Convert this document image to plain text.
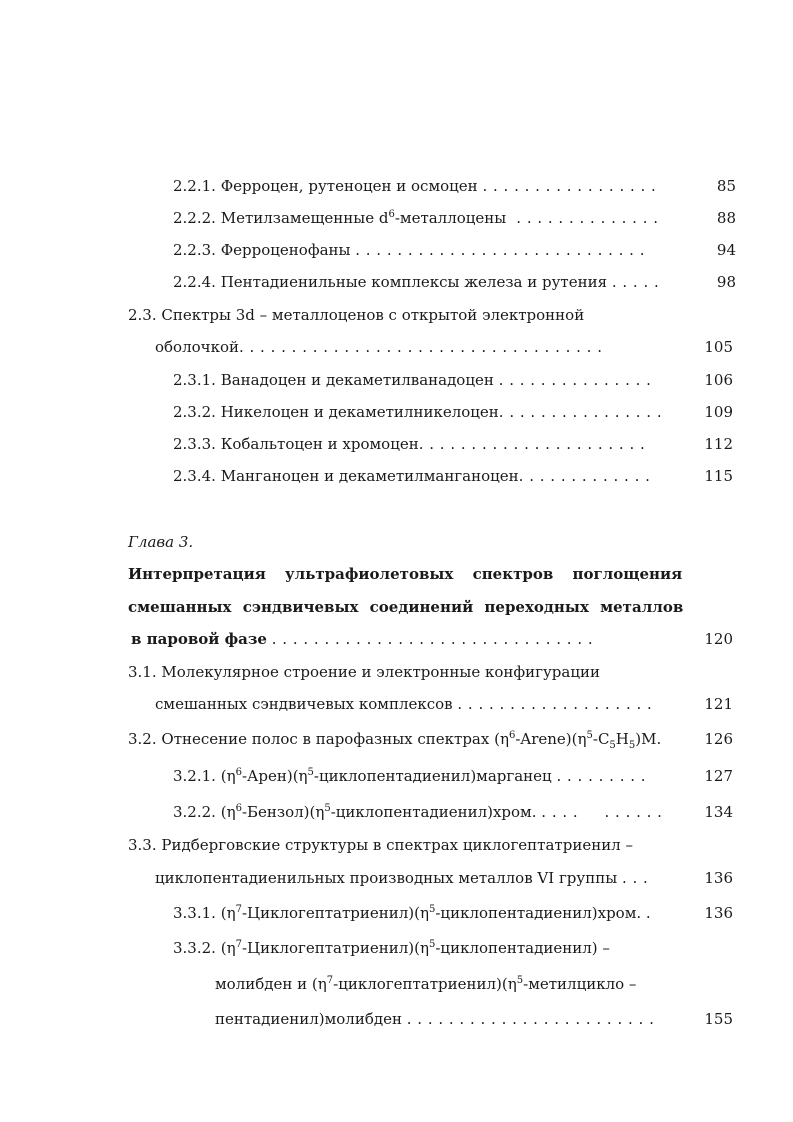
2.2.1. Ферроцен, рутеноцен и осмоцен . . . . . . . . . . . . . . . . .	85
2.2.2. Метилзамещенные $d^6$-металлоцены  . . . . . . . . . . . . . .	88
2.2.3. Ферроценофаны . . . . . . . . . . . . . . . . . . . . . . . . . . . .	94
2.2.4. Пентадиенильные комплексы железа и рутения . . . . .	98
2.3. Спектры 3d – металлоценов с открытой электронной
оболочкой. . . . . . . . . . . . . . . . . . . . . . . . . . . . . . . . . . .	105
2.3.1. Ванадоцен и декаметилванадоцен . . . . . . . . . . . . . . .	106
2.3.2. Никелоцен и декаметилникелоцен. . . . . . . . . . . . . . . .	109
2.3.3. Кобальтоцен и хромоцен. . . . . . . . . . . . . . . . . . . . . .	112
2.3.4. Манганоцен и декаметилманганоцен. . . . . . . . . . . . .	115
Глава 3.
Интерпретация ультрафиолетовых спектров поглощения
смешанных сэндвичевых соединений переходных металлов
в паровой фазе . . . . . . . . . . . . . . . . . . . . . . . . . . . . . . .	120
3.1. Молекулярное строение и электронные конфигурации
смешанных сэндвичевых комплексов . . . . . . . . . . . . . . . . . . .	121
3.2. Отнесение полос в парофазных спектрах $(\eta^6-Arene)(\eta^5-C_5H_5)M$.	126
3.2.1. $(\eta^6-Арен)(\eta^5-циклопентадиенил)марганец$ . . . . . . . . .	127
3.2.2. $(\eta^6-Бензол)(\eta^5-циклопентадиенил)хром$. . . . .     . . . . . .	134
3.3. Ридберговские структуры в спектрах циклогептатриенил –
циклопентадиенильных производных металлов VI группы . . .	136
3.3.1. $(\eta^7-Циклогептатриенил)(\eta^5-циклопентадиенил)хром$. .	136
3.3.2. $(\eta^7-Циклогептатриенил)(\eta^5-циклопентадиенил)$ –
молибден и $(\eta^7-циклогептатриенил)(\eta^5$-метилцикло –
пентадиенил)молибден . . . . . . . . . . . . . . . . . . . . . . . .	155
